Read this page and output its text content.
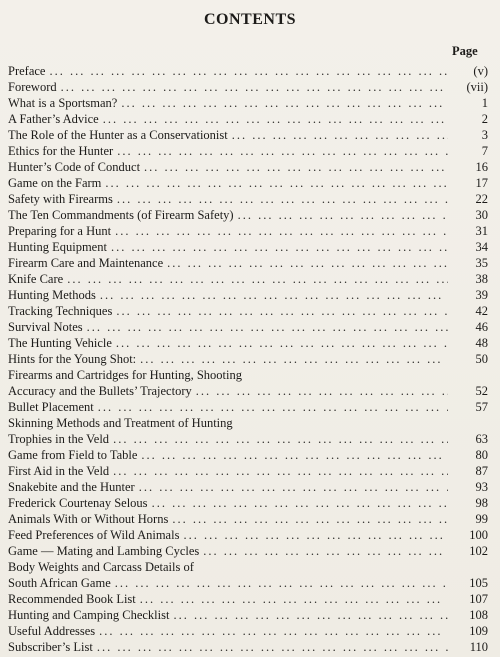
CONTENTS
Page
Preface ... .	(v)
Foreword ... .	(vii)
What is a Sportsman? ... .	1
A Father’s Advice ... .	2
The Role of the Hunter as a Conservationist ... .	3
Ethics for the Hunter ... .	7
Hunter’s Code of Conduct ... .	16
Game on the Farm ... .	17
Safety with Firearms ... .	22
The Ten Commandments (of Firearm Safety) ... .	30
Preparing for a Hunt ... .	31
Hunting Equipment ... .	34
Firearm Care and Maintenance ... .	35
Knife Care ... .	38
Hunting Methods ... .	39
Tracking Techniques ... .	42
Survival Notes ... .	46
The Hunting Vehicle ... .	48
Hints for the Young Shot: ... .	50
Firearms and Cartridges for Hunting, Shooting
Accuracy and the Bullets’ Trajectory ... .	52
Bullet Placement ... .	57
Skinning Methods and Treatment of Hunting
Trophies in the Veld ... .	63
Game from Field to Table ... .	80
First Aid in the Veld ... .	87
Snakebite and the Hunter ... .	93
Frederick Courtenay Selous ... .	98
Animals With or Without Horns ... .	99
Feed Preferences of Wild Animals ... .	100
Game — Mating and Lambing Cycles ... .	102
Body Weights and Carcass Details of
South African Game ... .	105
Recommended Book List ... .	107
Hunting and Camping Checklist ... .	108
Useful Addresses ... .	109
Subscriber’s List ... .	110
